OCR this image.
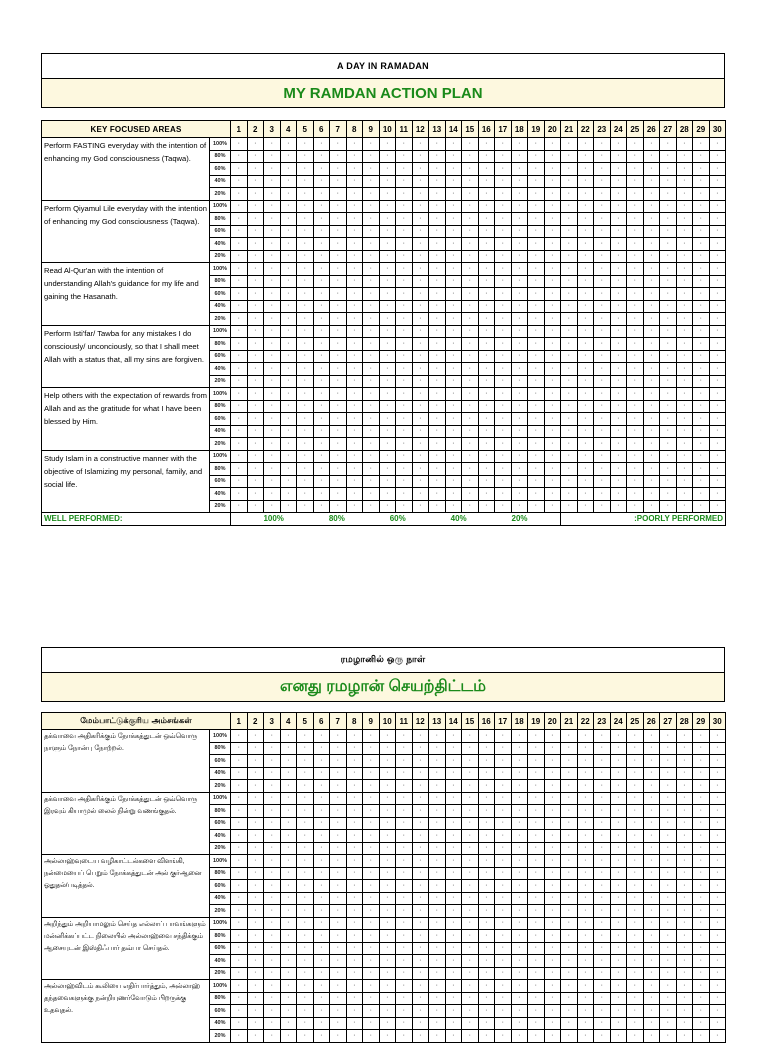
A DAY IN RAMADAN
MY RAMDAN ACTION PLAN
KEY FOCUSED AREAS		1	2	3	4	5	6	7	8	9	10	11	12	13	14	15	16	17	18	19	20	21	22	23	24	25	26	27	28	29	30
Perform FASTING everyday with the intention of enhancing my God consciousness (Taqwa).	100%	·	·	·	·	·	·	·	·	·	·	·	·	·	·	·	·	·	·	·	·	·	·	·	·	·	·	·	·	·	·
	80%	·	·	·	·	·	·	·	·	·	·	·	·	·	·	·	·	·	·	·	·	·	·	·	·	·	·	·	·	·	·
	60%	·	·	·	·	·	·	·	·	·	·	·	·	·	·	·	·	·	·	·	·	·	·	·	·	·	·	·	·	·	·
	40%	·	·	·	·	·	·	·	·	·	·	·	·	·	·	·	·	·	·	·	·	·	·	·	·	·	·	·	·	·	·
	20%	·	·	·	·	·	·	·	·	·	·	·	·	·	·	·	·	·	·	·	·	·	·	·	·	·	·	·	·	·	·
Perform Qiyamul Lile everyday with the intention of enhancing my God consciousness (Taqwa).	100%	·	·	·	·	·	·	·	·	·	·	·	·	·	·	·	·	·	·	·	·	·	·	·	·	·	·	·	·	·	·
	80%	·	·	·	·	·	·	·	·	·	·	·	·	·	·	·	·	·	·	·	·	·	·	·	·	·	·	·	·	·	·
	60%	·	·	·	·	·	·	·	·	·	·	·	·	·	·	·	·	·	·	·	·	·	·	·	·	·	·	·	·	·	·
	40%	·	·	·	·	·	·	·	·	·	·	·	·	·	·	·	·	·	·	·	·	·	·	·	·	·	·	·	·	·	·
	20%	·	·	·	·	·	·	·	·	·	·	·	·	·	·	·	·	·	·	·	·	·	·	·	·	·	·	·	·	·	·
Read Al-Qur'an with the intention of understanding Allah's guidance for my life and gaining the Hasanath.	100%	·	·	·	·	·	·	·	·	·	·	·	·	·	·	·	·	·	·	·	·	·	·	·	·	·	·	·	·	·	·
	80%	·	·	·	·	·	·	·	·	·	·	·	·	·	·	·	·	·	·	·	·	·	·	·	·	·	·	·	·	·	·
	60%	·	·	·	·	·	·	·	·	·	·	·	·	·	·	·	·	·	·	·	·	·	·	·	·	·	·	·	·	·	·
	40%	·	·	·	·	·	·	·	·	·	·	·	·	·	·	·	·	·	·	·	·	·	·	·	·	·	·	·	·	·	·
	20%	·	·	·	·	·	·	·	·	·	·	·	·	·	·	·	·	·	·	·	·	·	·	·	·	·	·	·	·	·	·
Perform Isti'far/ Tawba for any mistakes I do consciously/ unconciously, so that I shall meet Allah with a status that, all my sins are forgiven.	100%	·	·	·	·	·	·	·	·	·	·	·	·	·	·	·	·	·	·	·	·	·	·	·	·	·	·	·	·	·	·
	80%	·	·	·	·	·	·	·	·	·	·	·	·	·	·	·	·	·	·	·	·	·	·	·	·	·	·	·	·	·	·
	60%	·	·	·	·	·	·	·	·	·	·	·	·	·	·	·	·	·	·	·	·	·	·	·	·	·	·	·	·	·	·
	40%	·	·	·	·	·	·	·	·	·	·	·	·	·	·	·	·	·	·	·	·	·	·	·	·	·	·	·	·	·	·
	20%	·	·	·	·	·	·	·	·	·	·	·	·	·	·	·	·	·	·	·	·	·	·	·	·	·	·	·	·	·	·
Help others with the expectation of rewards from Allah and as the gratitude for what I have been blessed by Him.	100%	·	·	·	·	·	·	·	·	·	·	·	·	·	·	·	·	·	·	·	·	·	·	·	·	·	·	·	·	·	·
	80%	·	·	·	·	·	·	·	·	·	·	·	·	·	·	·	·	·	·	·	·	·	·	·	·	·	·	·	·	·	·
	60%	·	·	·	·	·	·	·	·	·	·	·	·	·	·	·	·	·	·	·	·	·	·	·	·	·	·	·	·	·	·
	40%	·	·	·	·	·	·	·	·	·	·	·	·	·	·	·	·	·	·	·	·	·	·	·	·	·	·	·	·	·	·
	20%	·	·	·	·	·	·	·	·	·	·	·	·	·	·	·	·	·	·	·	·	·	·	·	·	·	·	·	·	·	·
Study Islam in a constructive manner with the objective of Islamizing my personal, family, and social life.	100%	·	·	·	·	·	·	·	·	·	·	·	·	·	·	·	·	·	·	·	·	·	·	·	·	·	·	·	·	·	·
	80%	·	·	·	·	·	·	·	·	·	·	·	·	·	·	·	·	·	·	·	·	·	·	·	·	·	·	·	·	·	·
	60%	·	·	·	·	·	·	·	·	·	·	·	·	·	·	·	·	·	·	·	·	·	·	·	·	·	·	·	·	·	·
	40%	·	·	·	·	·	·	·	·	·	·	·	·	·	·	·	·	·	·	·	·	·	·	·	·	·	·	·	·	·	·
	20%	·	·	·	·	·	·	·	·	·	·	·	·	·	·	·	·	·	·	·	·	·	·	·	·	·	·	·	·	·	·
WELL PERFORMED:		100% 80% 60% 40% 20%																				:POORLY PERFORMED									
ரமழானில் ஒரு நாள்
எனது ரமழான் செயற்திட்டம்
மேம்பாட்டுக்குரிய அம்சங்கள்		1	2	3	4	5	6	7	8	9	10	11	12	13	14	15	16	17	18	19	20	21	22	23	24	25	26	27	28	29	30
தக்வாவை அதிகரிக்கும் நோக்கத்துடன் ஒவ்வொரு நாளும் நோன்பு நோற்றல்.	100%	·	·	·	·	·	·	·	·	·	·	·	·	·	·	·	·	·	·	·	·	·	·	·	·	·	·	·	·	·	·
	80%	·	·	·	·	·	·	·	·	·	·	·	·	·	·	·	·	·	·	·	·	·	·	·	·	·	·	·	·	·	·
	60%	·	·	·	·	·	·	·	·	·	·	·	·	·	·	·	·	·	·	·	·	·	·	·	·	·	·	·	·	·	·
	40%	·	·	·	·	·	·	·	·	·	·	·	·	·	·	·	·	·	·	·	·	·	·	·	·	·	·	·	·	·	·
	20%	·	·	·	·	·	·	·	·	·	·	·	·	·	·	·	·	·	·	·	·	·	·	·	·	·	·	·	·	·	·
தக்வாவை அதிகரிக்கும் நோக்கத்துடன் ஒவ்வொரு இரவும் கியாமுல் லைல் நின்று வணங்குதல்.	100%	·	·	·	·	·	·	·	·	·	·	·	·	·	·	·	·	·	·	·	·	·	·	·	·	·	·	·	·	·	·
	80%	·	·	·	·	·	·	·	·	·	·	·	·	·	·	·	·	·	·	·	·	·	·	·	·	·	·	·	·	·	·
	60%	·	·	·	·	·	·	·	·	·	·	·	·	·	·	·	·	·	·	·	·	·	·	·	·	·	·	·	·	·	·
	40%	·	·	·	·	·	·	·	·	·	·	·	·	·	·	·	·	·	·	·	·	·	·	·	·	·	·	·	·	·	·
	20%	·	·	·	·	·	·	·	·	·	·	·	·	·	·	·	·	·	·	·	·	·	·	·	·	·	·	·	·	·	·
அல்லாஹ்வுடைய வழிகாட்டல்களை விளங்கி, நன்மையைப் பெறும் நோக்கத்துடன் அல் குர்ஆனை ஓதுதல்/படித்தல்.	100%	·	·	·	·	·	·	·	·	·	·	·	·	·	·	·	·	·	·	·	·	·	·	·	·	·	·	·	·	·	·
	80%	·	·	·	·	·	·	·	·	·	·	·	·	·	·	·	·	·	·	·	·	·	·	·	·	·	·	·	·	·	·
	60%	·	·	·	·	·	·	·	·	·	·	·	·	·	·	·	·	·	·	·	·	·	·	·	·	·	·	·	·	·	·
	40%	·	·	·	·	·	·	·	·	·	·	·	·	·	·	·	·	·	·	·	·	·	·	·	·	·	·	·	·	·	·
	20%	·	·	·	·	·	·	·	·	·	·	·	·	·	·	·	·	·	·	·	·	·	·	·	·	·	·	·	·	·	·
அறிந்தும் அறியாமலும் செய்த எல்லாப் பாவங்களும் மன்னிக்கப்பட்ட நிலையில் அல்லாஹ்வை சந்திக்கும் ஆசையுடன் இஸ்திஃபார் தவ்பா செய்தல்.	100%	·	·	·	·	·	·	·	·	·	·	·	·	·	·	·	·	·	·	·	·	·	·	·	·	·	·	·	·	·	·
	80%	·	·	·	·	·	·	·	·	·	·	·	·	·	·	·	·	·	·	·	·	·	·	·	·	·	·	·	·	·	·
	60%	·	·	·	·	·	·	·	·	·	·	·	·	·	·	·	·	·	·	·	·	·	·	·	·	·	·	·	·	·	·
	40%	·	·	·	·	·	·	·	·	·	·	·	·	·	·	·	·	·	·	·	·	·	·	·	·	·	·	·	·	·	·
	20%	·	·	·	·	·	·	·	·	·	·	·	·	·	·	·	·	·	·	·	·	·	·	·	·	·	·	·	·	·	·
அல்லாஹ்விடம் கூலியை எதிர்பார்த்தும், அல்லாஹ் தந்தவைகளுக்கு நன்றியுணர்வோடும் பிறருக்கு உதவுதல்.	100%	·	·	·	·	·	·	·	·	·	·	·	·	·	·	·	·	·	·	·	·	·	·	·	·	·	·	·	·	·	·
	80%	·	·	·	·	·	·	·	·	·	·	·	·	·	·	·	·	·	·	·	·	·	·	·	·	·	·	·	·	·	·
	60%	·	·	·	·	·	·	·	·	·	·	·	·	·	·	·	·	·	·	·	·	·	·	·	·	·	·	·	·	·	·
	40%	·	·	·	·	·	·	·	·	·	·	·	·	·	·	·	·	·	·	·	·	·	·	·	·	·	·	·	·	·	·
	20%	·	·	·	·	·	·	·	·	·	·	·	·	·	·	·	·	·	·	·	·	·	·	·	·	·	·	·	·	·	·
